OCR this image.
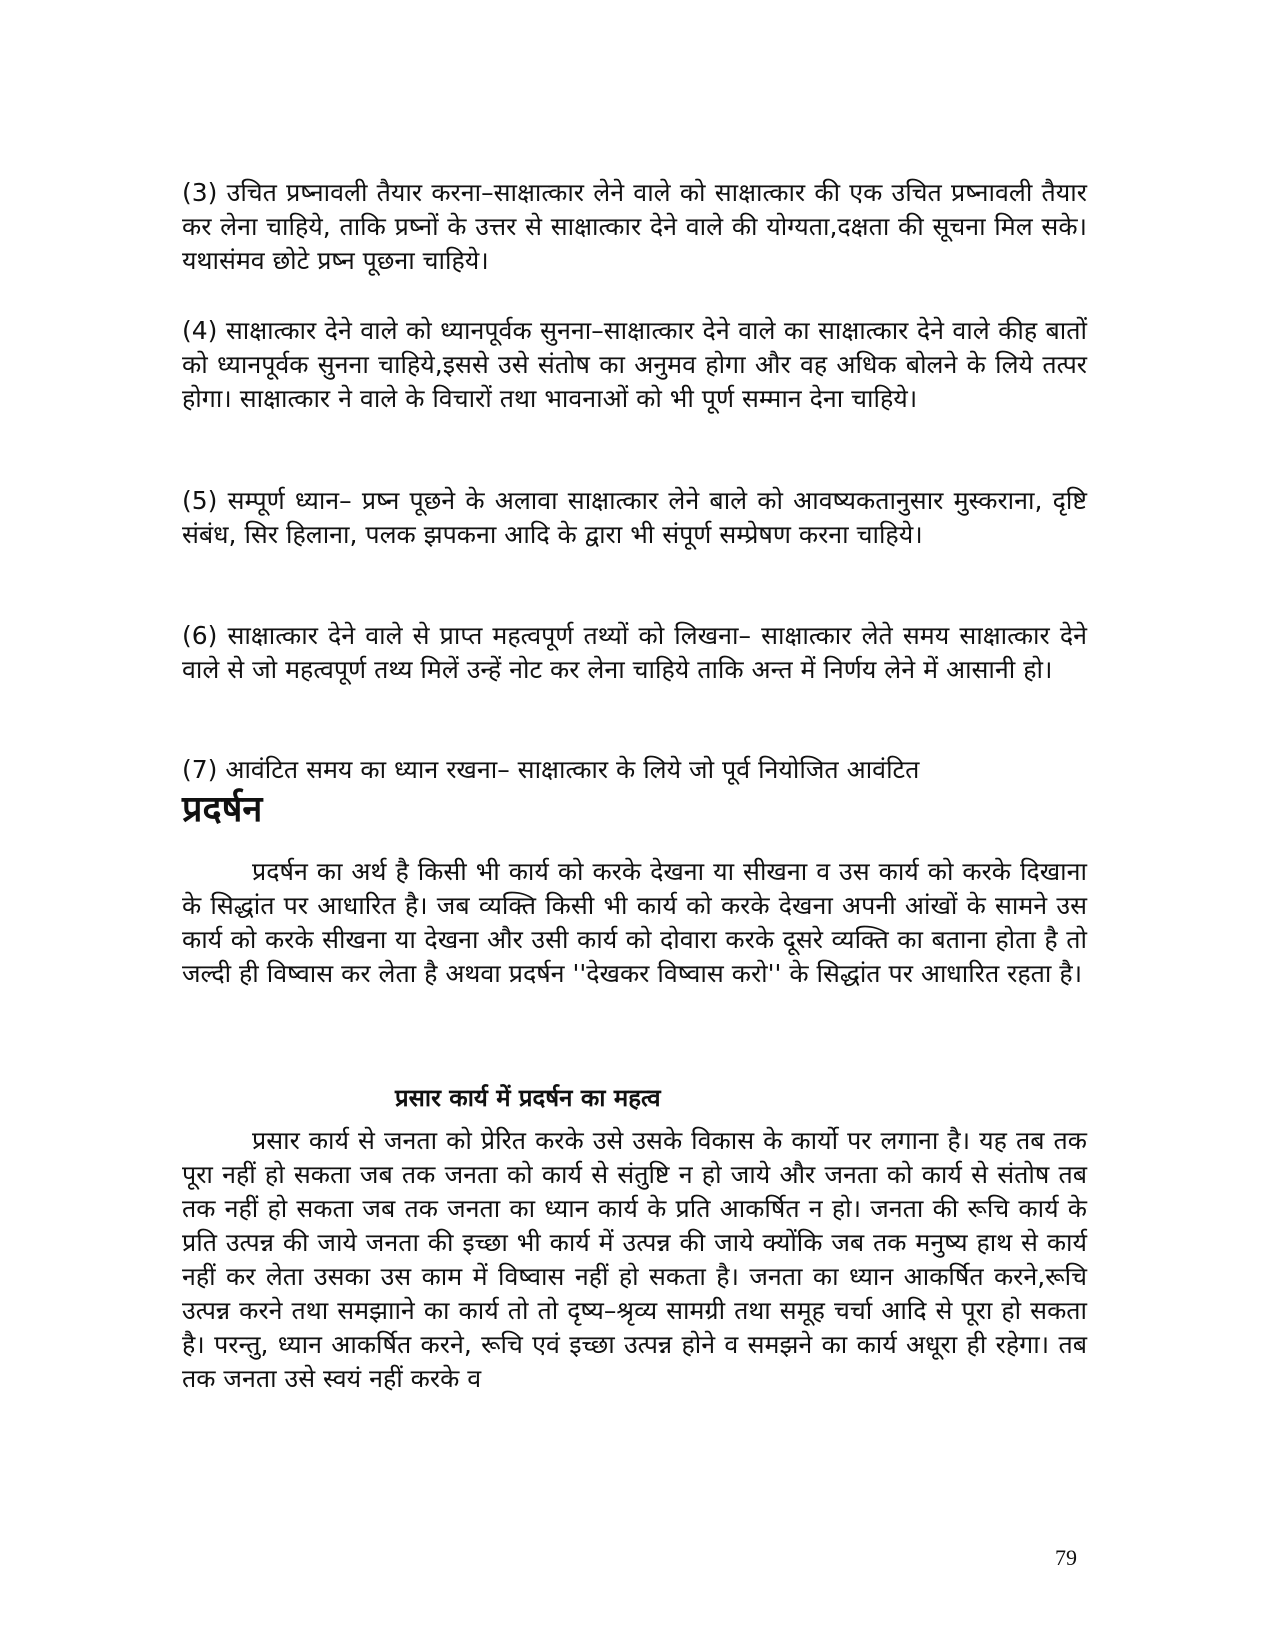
(3) उचित प्रष्नावली तैयार करना–साक्षात्कार लेने वाले को साक्षात्कार की एक उचित प्रष्नावली तैयार कर लेना चाहिये, ताकि प्रष्नों के उत्तर से साक्षात्कार देने वाले की योग्यता,दक्षता की सूचना मिल सके। यथासंमव छोटे प्रष्न पूछना चाहिये।

(4) साक्षात्कार देने वाले को ध्यानपूर्वक सुनना–साक्षात्कार देने वाले का साक्षात्कार देने वाले कीह बातों को ध्यानपूर्वक सुनना चाहिये,इससे उसे संतोष का अनुमव होगा और वह अधिक बोलने के लिये तत्पर होगा। साक्षात्कार ने वाले के विचारों तथा भावनाओं को भी पूर्ण सम्मान देना चाहिये।

(5) सम्पूर्ण ध्यान– प्रष्न पूछने के अलावा साक्षात्कार लेने बाले को आवष्यकतानुसार मुस्कराना, दृष्टि संबंध, सिर हिलाना, पलक झपकना आदि के द्वारा भी संपूर्ण सम्प्रेषण करना चाहिये।

(6) साक्षात्कार देने वाले से प्राप्त महत्वपूर्ण तथ्यों को लिखना– साक्षात्कार लेते समय साक्षात्कार देने वाले से जो महत्वपूर्ण तथ्य मिलें उन्हें नोट कर लेना चाहिये ताकि अन्त में निर्णय लेने में आसानी हो।

(7) आवंटित समय का ध्यान रखना– साक्षात्कार के लिये जो पूर्व नियोजित आवंटित

प्रदर्षन

प्रदर्षन का अर्थ है किसी भी कार्य को करके देखना या सीखना व उस कार्य को करके दिखाना के सिद्धांत पर आधारित है। जब व्यक्ति किसी भी कार्य को करके देखना अपनी आंखों के सामने उस कार्य को करके सीखना या देखना और उसी कार्य को दोवारा करके दूसरे व्यक्ति का बताना होता है तो जल्दी ही विष्वास कर लेता है अथवा प्रदर्षन ''देखकर विष्वास करो'' के सिद्धांत पर आधारित रहता है।

प्रसार कार्य में प्रदर्षन का महत्व

प्रसार कार्य से जनता को प्रेरित करके उसे उसके विकास के कार्यो पर लगाना है। यह तब तक पूरा नहीं हो सकता जब तक जनता को कार्य से संतुष्टि न हो जाये और जनता को कार्य से संतोष तब तक नहीं हो सकता जब तक जनता का ध्यान कार्य के प्रति आकर्षित न हो। जनता की रूचि कार्य के प्रति उत्पन्न की जाये जनता की इच्छा भी कार्य में उत्पन्न की जाये क्योंकि जब तक मनुष्य हाथ से कार्य नहीं कर लेता उसका उस काम में विष्वास नहीं हो सकता है। जनता का ध्यान आकर्षित करने,रूचि उत्पन्न करने तथा समझााने का कार्य तो तो दृष्य–श्रृव्य सामग्री तथा समूह चर्चा आदि से पूरा हो सकता है। परन्तु, ध्यान आकर्षित करने, रूचि एवं इच्छा उत्पन्न होने व समझने का कार्य अधूरा ही रहेगा। तब तक जनता उसे स्वयं नहीं करके व

79
